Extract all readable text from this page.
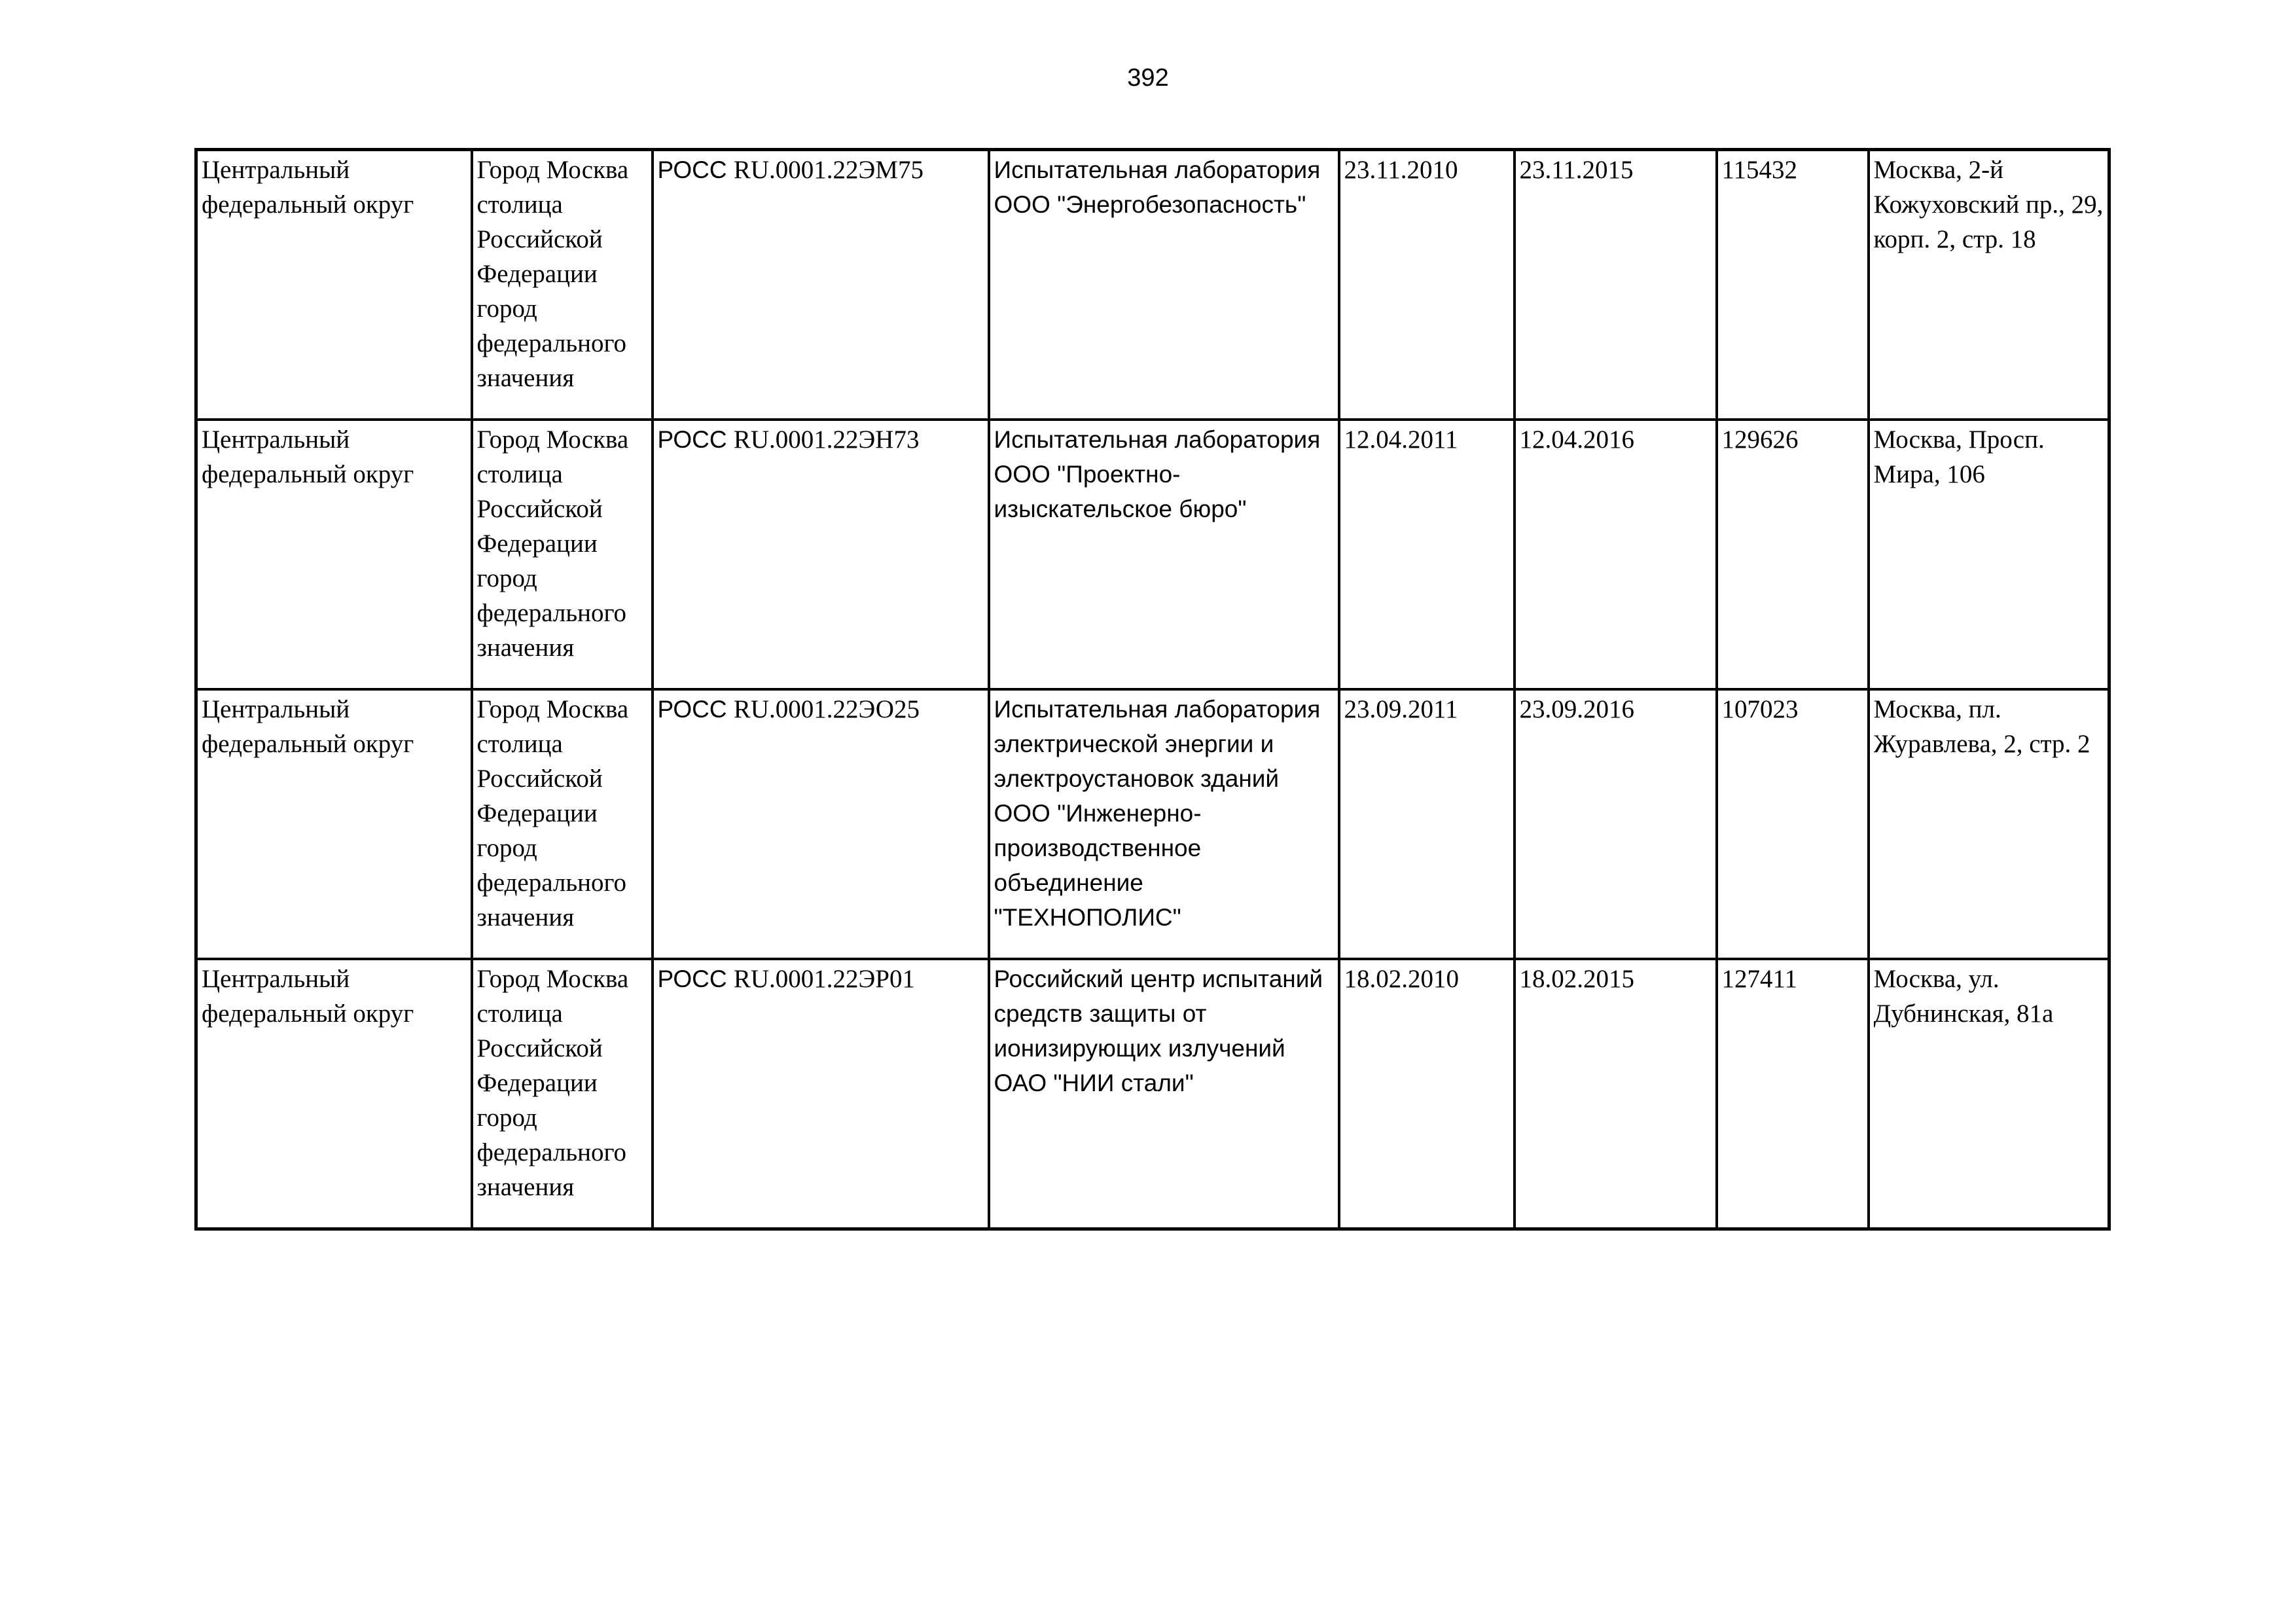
392
Центральный федеральный округ	Город Москва столица Российской Федерации город федерального значения	РОСС RU.0001.22ЭМ75	Испытательная лаборатория ООО "Энергобезопасность"	23.11.2010	23.11.2015	115432	Москва, 2-й Кожуховский пр., 29, корп. 2, стр. 18

Центральный федеральный округ	Город Москва столица Российской Федерации город федерального значения	РОСС RU.0001.22ЭН73	Испытательная лаборатория ООО "Проектно-изыскательское бюро"	12.04.2011	12.04.2016	129626	Москва, Просп. Мира, 106

Центральный федеральный округ	Город Москва столица Российской Федерации город федерального значения	РОСС RU.0001.22ЭО25	Испытательная лаборатория электрической энергии и электроустановок зданий ООО "Инженерно-производственное объединение "ТЕХНОПОЛИС"	23.09.2011	23.09.2016	107023	Москва, пл. Журавлева, 2, стр. 2

Центральный федеральный округ	Город Москва столица Российской Федерации город федерального значения	РОСС RU.0001.22ЭР01	Российский центр испытаний средств защиты от ионизирующих излучений ОАО "НИИ стали"	18.02.2010	18.02.2015	127411	Москва, ул. Дубнинская, 81а
